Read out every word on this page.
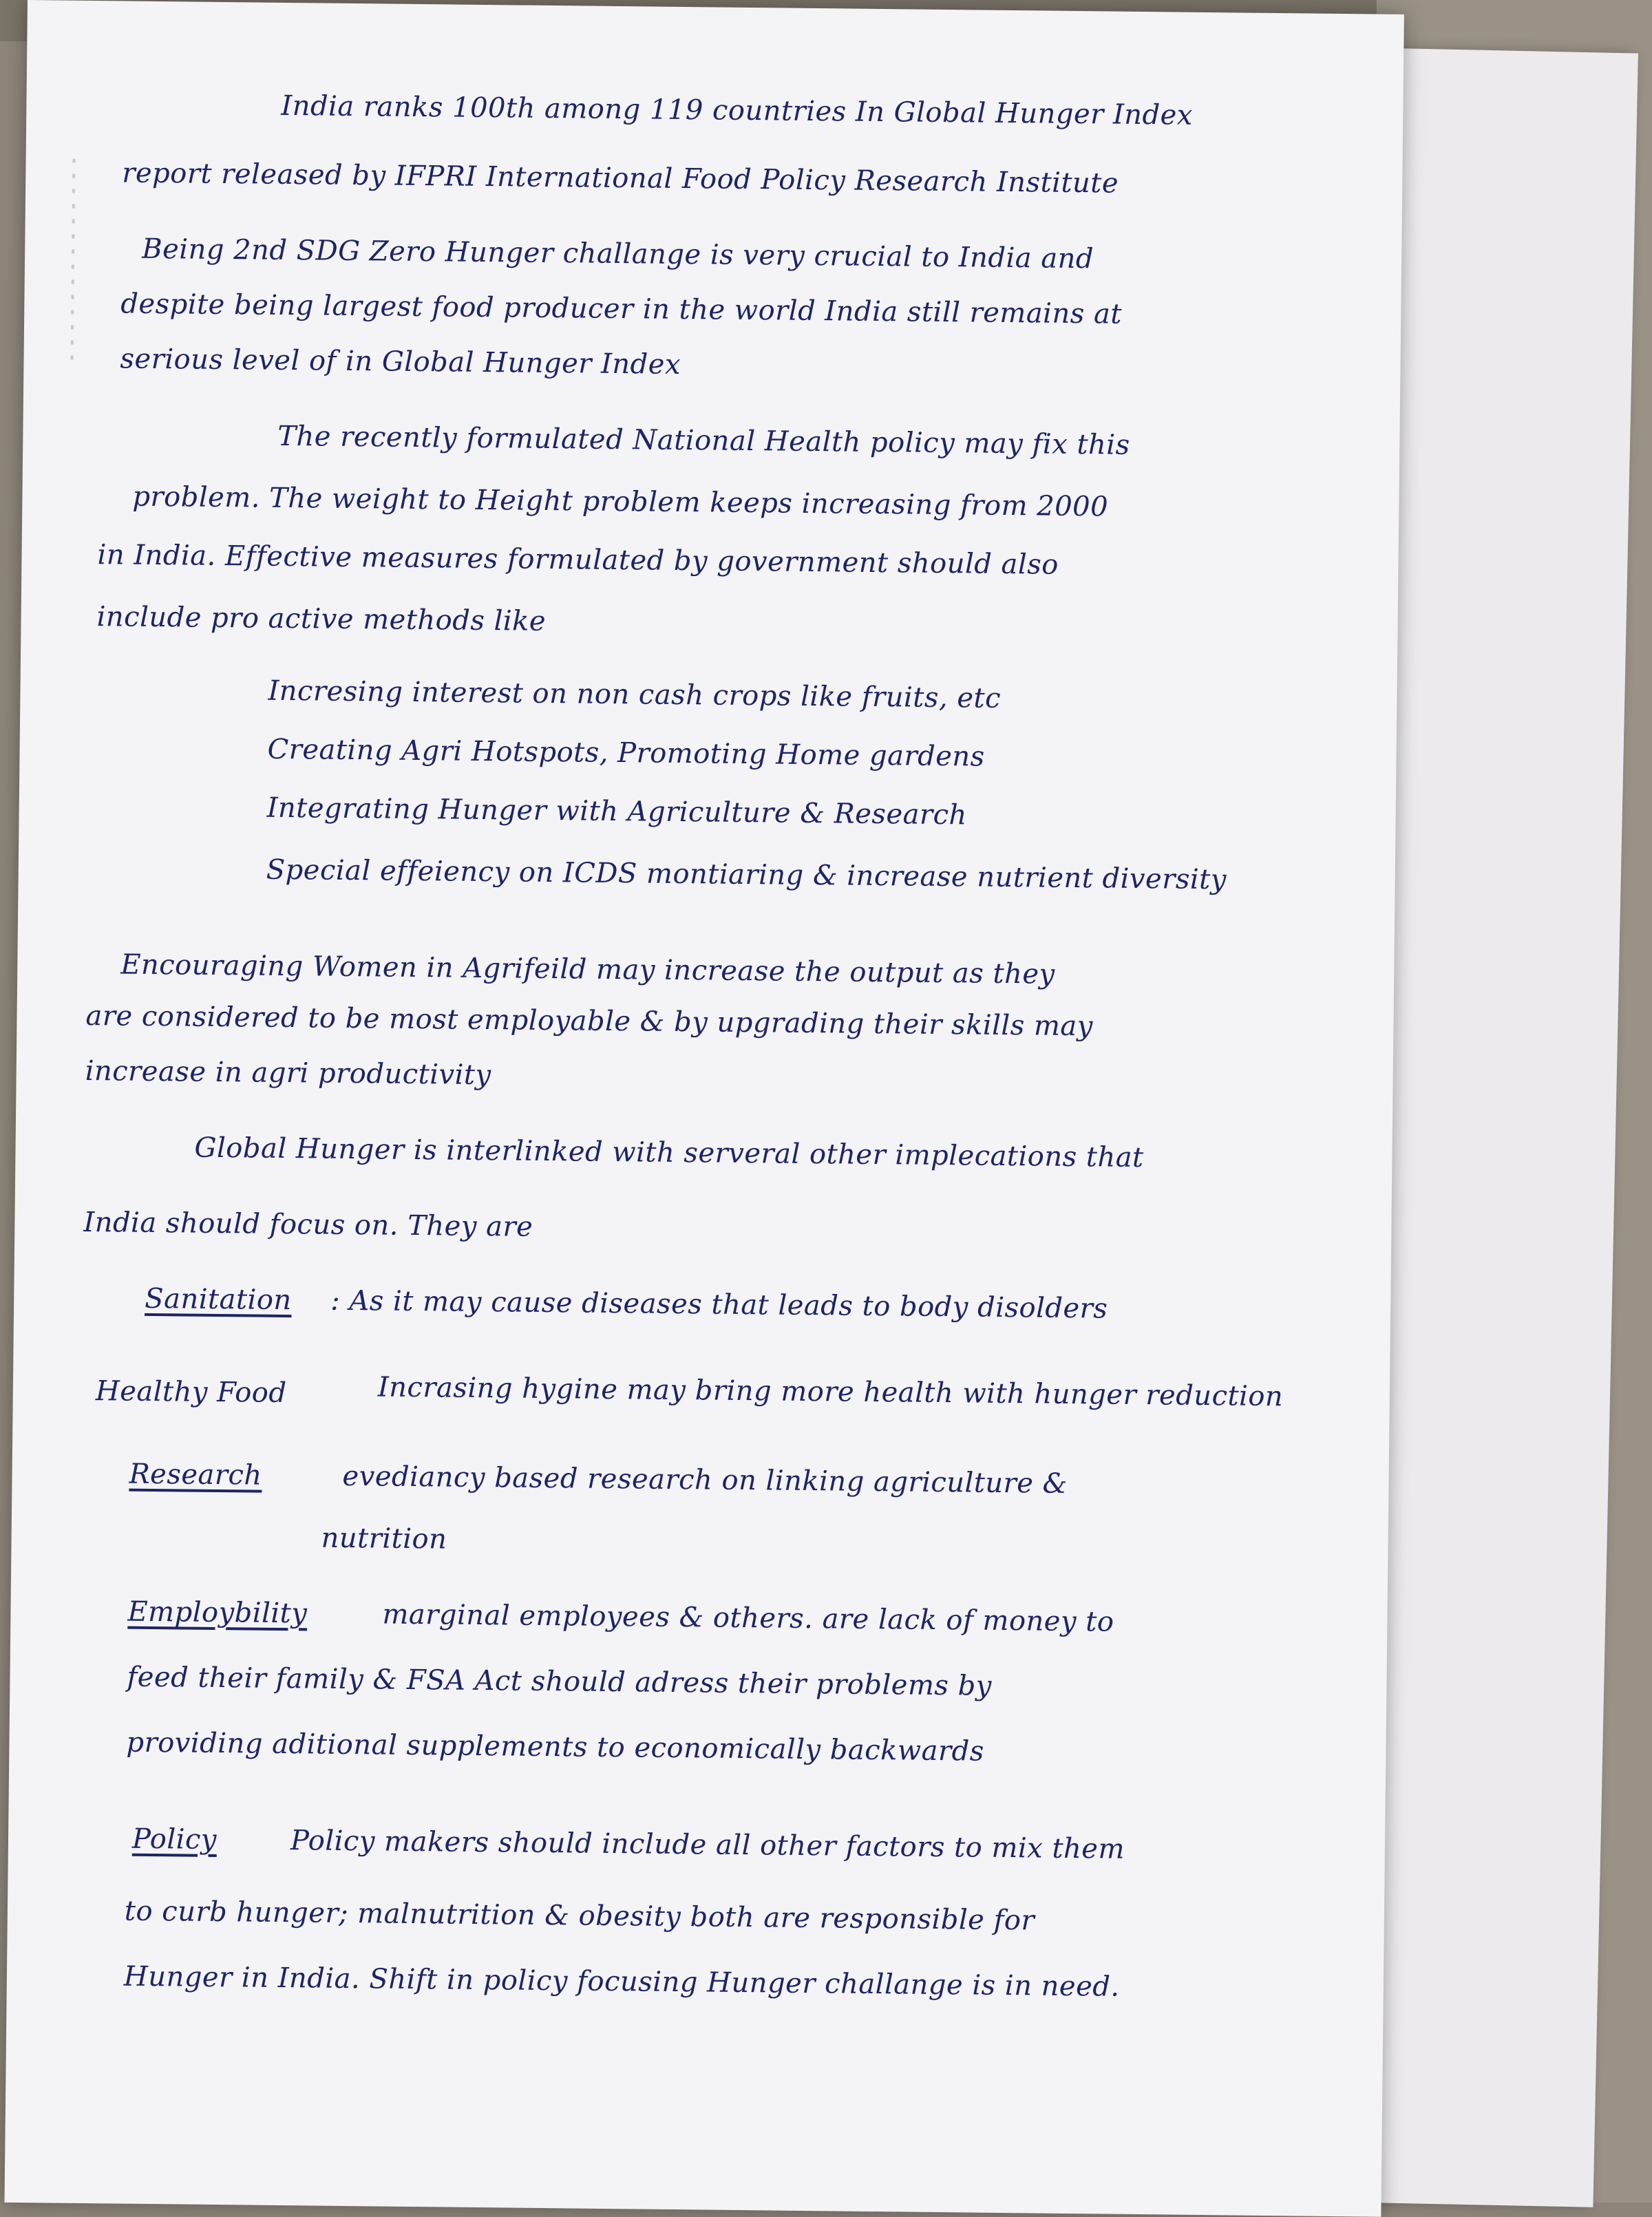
India ranks 100th among 119 countries In Global Hunger Index
report released by IFPRI International Food Policy Research Institute
Being 2nd SDG Zero Hunger challange is very crucial to India and
despite being largest food producer in the world India still remains at
serious level of in Global Hunger Index
The recently formulated National Health policy may fix this
problem. The weight to Height problem keeps increasing from 2000
in India. Effective measures formulated by government should also
include pro active methods like
Incresing interest on non cash crops like fruits, etc
Creating Agri Hotspots, Promoting Home gardens
Integrating Hunger with Agriculture & Research
Special effeiency on ICDS montiaring & increase nutrient diversity
Encouraging Women in Agrifeild may increase the output as they
are considered to be most employable & by upgrading their skills may
increase in agri productivity
Global Hunger is interlinked with serveral other implecations that
India should focus on. They are
Sanitation : As it may cause diseases that leads to body disolders
Healthy Food	Incrasing hygine may bring more health with hunger reduction
Research	evediancy based research on linking agriculture &
nutrition
Employbility	marginal employees & others. are lack of money to
feed their family & FSA Act should adress their problems by
providing aditional supplements to economically backwards
Policy	Policy makers should include all other factors to mix them
to curb hunger; malnutrition & obesity both are responsible for
Hunger in India. Shift in policy focusing Hunger challange is in need.
